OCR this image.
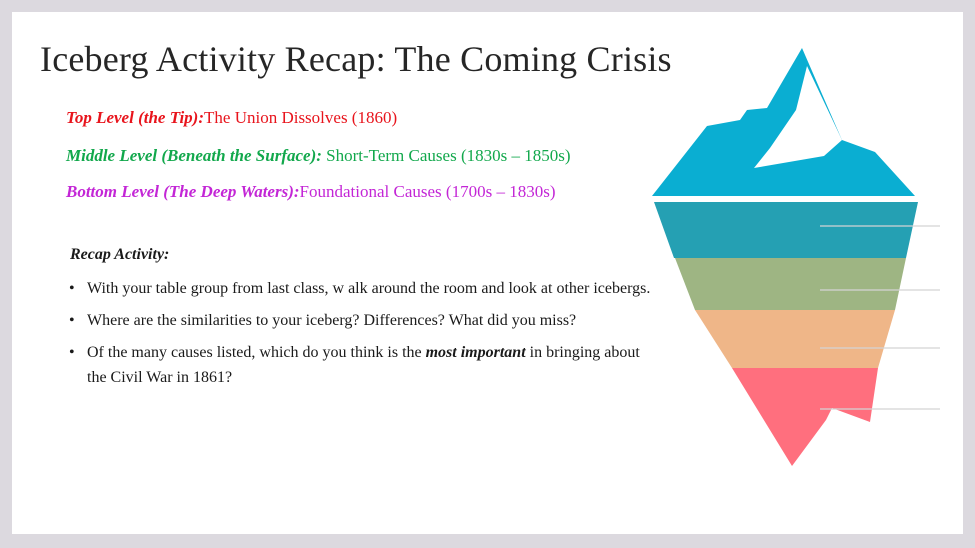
Iceberg Activity Recap: The Coming Crisis
Top Level (the Tip):The Union Dissolves (1860)
Middle Level (Beneath the Surface): Short-Term Causes (1830s – 1850s)
Bottom Level (The Deep Waters):Foundational Causes (1700s – 1830s)
Recap Activity:
• With your table group from last class, w alk around the room and look at other icebergs.
• Where are the similarities to your iceberg? Differences? What did you miss?
• Of the many causes listed, which do you think is the most important in bringing about the Civil War in 1861?
